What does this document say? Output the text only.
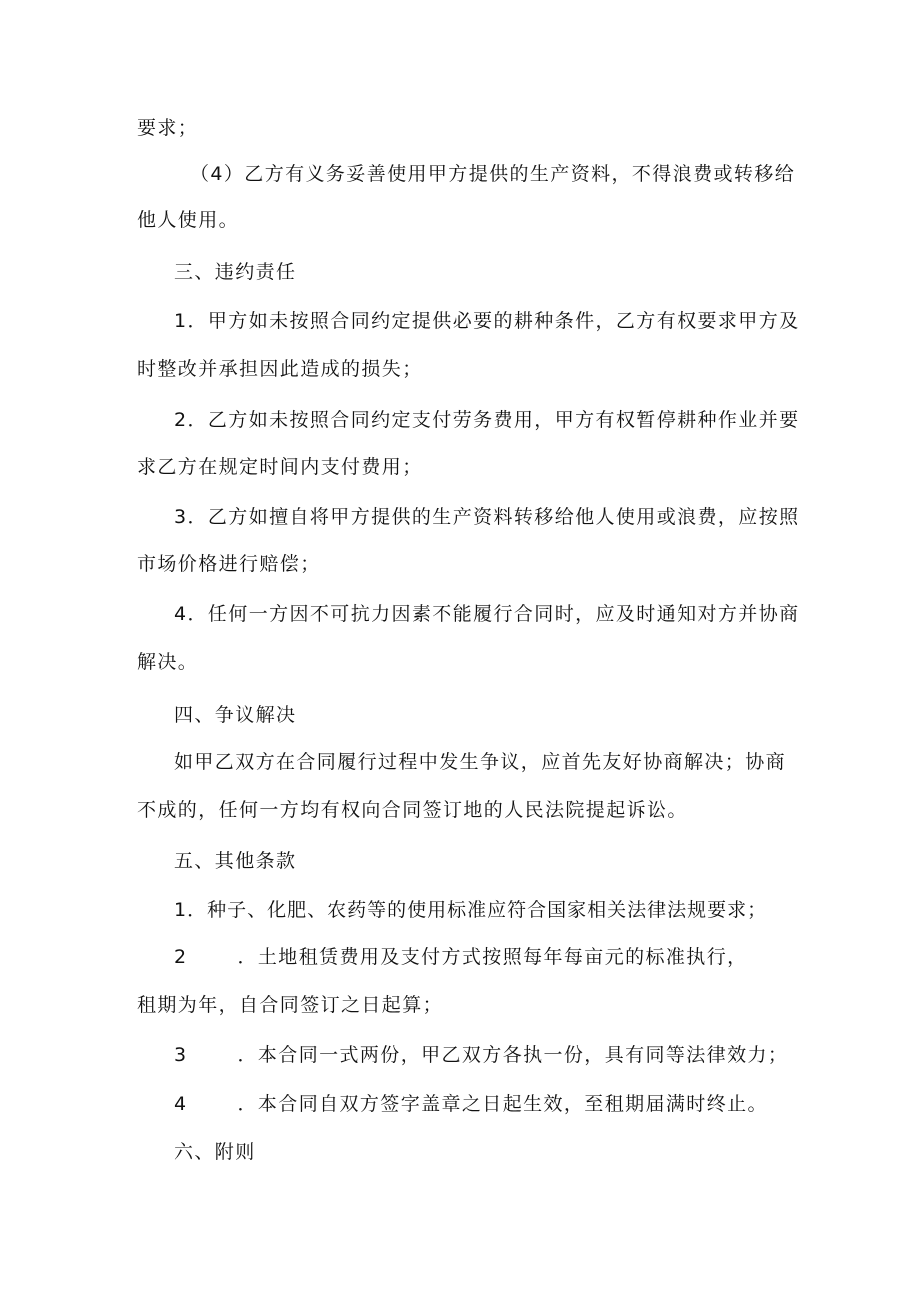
要求；
（4）乙方有义务妥善使用甲方提供的生产资料，不得浪费或转移给
他人使用。
三、违约责任
1．甲方如未按照合同约定提供必要的耕种条件，乙方有权要求甲方及
时整改并承担因此造成的损失；
2．乙方如未按照合同约定支付劳务费用，甲方有权暂停耕种作业并要
求乙方在规定时间内支付费用；
3．乙方如擅自将甲方提供的生产资料转移给他人使用或浪费，应按照
市场价格进行赔偿；
4．任何一方因不可抗力因素不能履行合同时，应及时通知对方并协商
解决。
四、争议解决
如甲乙双方在合同履行过程中发生争议，应首先友好协商解决；协商
不成的，任何一方均有权向合同签订地的人民法院提起诉讼。
五、其他条款
1．种子、化肥、农药等的使用标准应符合国家相关法律法规要求；
2	．土地租赁费用及支付方式按照每年每亩元的标准执行，
租期为年，自合同签订之日起算；
3	．本合同一式两份，甲乙双方各执一份，具有同等法律效力；
4	．本合同自双方签字盖章之日起生效，至租期届满时终止。
六、附则
